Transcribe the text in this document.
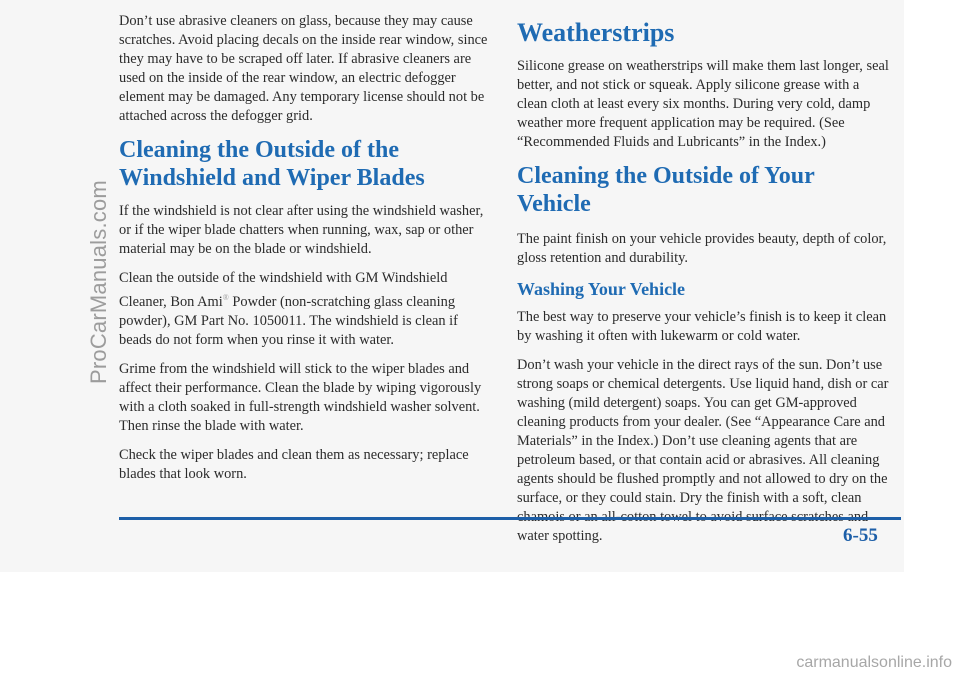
Don’t use abrasive cleaners on glass, because they may cause scratches. Avoid placing decals on the inside rear window, since they may have to be scraped off later. If abrasive cleaners are used on the inside of the rear window, an electric defogger element may be damaged. Any temporary license should not be attached across the defogger grid.

Cleaning the Outside of the Windshield and Wiper Blades

If the windshield is not clear after using the windshield washer, or if the wiper blade chatters when running, wax, sap or other material may be on the blade or windshield.

Clean the outside of the windshield with GM Windshield Cleaner, Bon Ami® Powder (non-scratching glass cleaning powder), GM Part No. 1050011. The windshield is clean if beads do not form when you rinse it with water.

Grime from the windshield will stick to the wiper blades and affect their performance. Clean the blade by wiping vigorously with a cloth soaked in full-strength windshield washer solvent. Then rinse the blade with water.

Check the wiper blades and clean them as necessary; replace blades that look worn.

Weatherstrips

Silicone grease on weatherstrips will make them last longer, seal better, and not stick or squeak. Apply silicone grease with a clean cloth at least every six months. During very cold, damp weather more frequent application may be required. (See “Recommended Fluids and Lubricants” in the Index.)

Cleaning the Outside of Your Vehicle

The paint finish on your vehicle provides beauty, depth of color, gloss retention and durability.

Washing Your Vehicle

The best way to preserve your vehicle’s finish is to keep it clean by washing it often with lukewarm or cold water.

Don’t wash your vehicle in the direct rays of the sun. Don’t use strong soaps or chemical detergents. Use liquid hand, dish or car washing (mild detergent) soaps. You can get GM-approved cleaning products from your dealer. (See “Appearance Care and Materials” in the Index.) Don’t use cleaning agents that are petroleum based, or that contain acid or abrasives. All cleaning agents should be flushed promptly and not allowed to dry on the surface, or they could stain. Dry the finish with a soft, clean water spotting.	6-55
ProCarManuals.com
carmanualsonline.info
